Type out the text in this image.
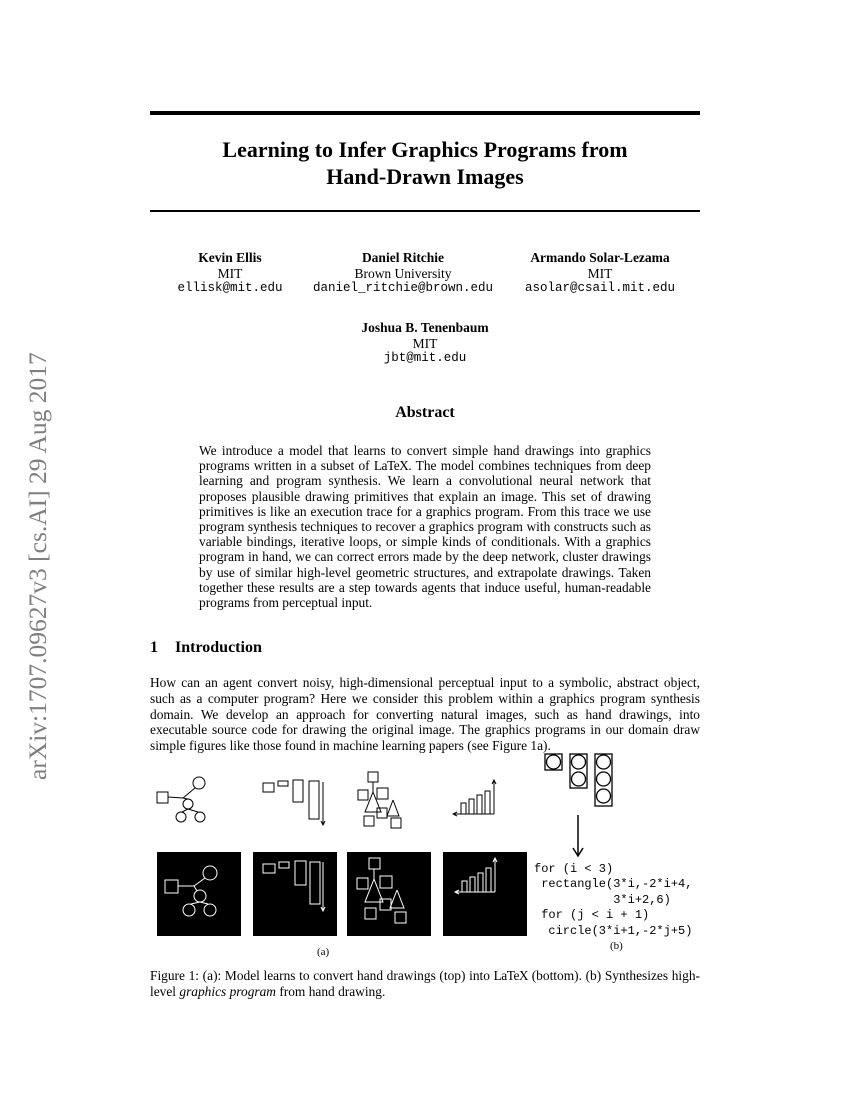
arXiv:1707.09627v3 [cs.AI] 29 Aug 2017
Learning to Infer Graphics Programs from
Hand-Drawn Images
Kevin Ellis
MIT
ellisk@mit.edu
Daniel Ritchie
Brown University
daniel_ritchie@brown.edu
Armando Solar-Lezama
MIT
asolar@csail.mit.edu
Joshua B. Tenenbaum
MIT
jbt@mit.edu
Abstract
We introduce a model that learns to convert simple hand drawings into graphics programs written in a subset of LaTeX. The model combines techniques from deep learning and program synthesis. We learn a convolutional neural network that proposes plausible drawing primitives that explain an image. This set of drawing primitives is like an execution trace for a graphics program. From this trace we use program synthesis techniques to recover a graphics program with constructs such as variable bindings, iterative loops, or simple kinds of conditionals. With a graphics program in hand, we can correct errors made by the deep network, cluster drawings by use of similar high-level geometric structures, and extrapolate drawings. Taken together these results are a step towards agents that induce useful, human-readable programs from perceptual input.
1 Introduction
How can an agent convert noisy, high-dimensional perceptual input to a symbolic, abstract object, such as a computer program? Here we consider this problem within a graphics program synthesis domain. We develop an approach for converting natural images, such as hand drawings, into executable source code for drawing the original image. The graphics programs in our domain draw simple figures like those found in machine learning papers (see Figure 1a).
for (i < 3)
rectangle(3*i,-2*i+4,
3*i+2,6)
for (j < i + 1)
circle(3*i+1,-2*j+5)
(a)	(b)
Figure 1: (a): Model learns to convert hand drawings (top) into LaTeX (bottom). (b) Synthesizes high-level graphics program from hand drawing.
